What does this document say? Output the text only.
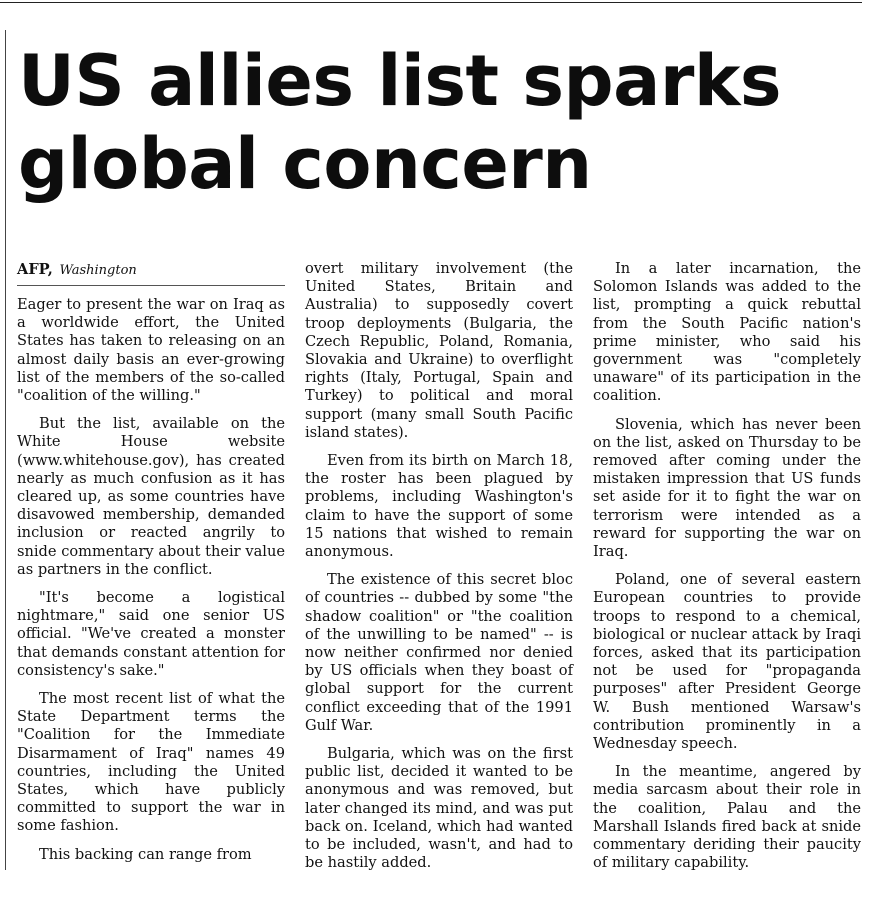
US allies list sparks global concern
AFP, Washington

Eager to present the war on Iraq as a worldwide effort, the United States has taken to releasing on an almost daily basis an ever-growing list of the members of the so-called "coalition of the willing."

But the list, available on the White House website (www.whitehouse.gov), has created nearly as much confusion as it has cleared up, as some countries have disavowed membership, demanded inclusion or reacted angrily to snide commentary about their value as partners in the conflict.

"It's become a logistical nightmare," said one senior US official. "We've created a monster that demands constant attention for consistency's sake."

The most recent list of what the State Department terms the "Coalition for the Immediate Disarmament of Iraq" names 49 countries, including the United States, which have publicly committed to support the war in some fashion.

This backing can range from

overt military involvement (the United States, Britain and Australia) to supposedly covert troop deployments (Bulgaria, the Czech Republic, Poland, Romania, Slovakia and Ukraine) to overflight rights (Italy, Portugal, Spain and Turkey) to political and moral support (many small South Pacific island states).

Even from its birth on March 18, the roster has been plagued by problems, including Washington's claim to have the support of some 15 nations that wished to remain anonymous.

The existence of this secret bloc of countries -- dubbed by some "the shadow coalition" or "the coalition of the unwilling to be named" -- is now neither confirmed nor denied by US officials when they boast of global support for the current conflict exceeding that of the 1991 Gulf War.

Bulgaria, which was on the first public list, decided it wanted to be anonymous and was removed, but later changed its mind, and was put back on. Iceland, which had wanted to be included, wasn't, and had to be hastily added.

In a later incarnation, the Solomon Islands was added to the list, prompting a quick rebuttal from the South Pacific nation's prime minister, who said his government was "completely unaware" of its participation in the coalition.

Slovenia, which has never been on the list, asked on Thursday to be removed after coming under the mistaken impression that US funds set aside for it to fight the war on terrorism were intended as a reward for supporting the war on Iraq.

Poland, one of several eastern European countries to provide troops to respond to a chemical, biological or nuclear attack by Iraqi forces, asked that its participation not be used for "propaganda purposes" after President George W. Bush mentioned Warsaw's contribution prominently in a Wednesday speech.

In the meantime, angered by media sarcasm about their role in the coalition, Palau and the Marshall Islands fired back at snide commentary deriding their paucity of military capability.
